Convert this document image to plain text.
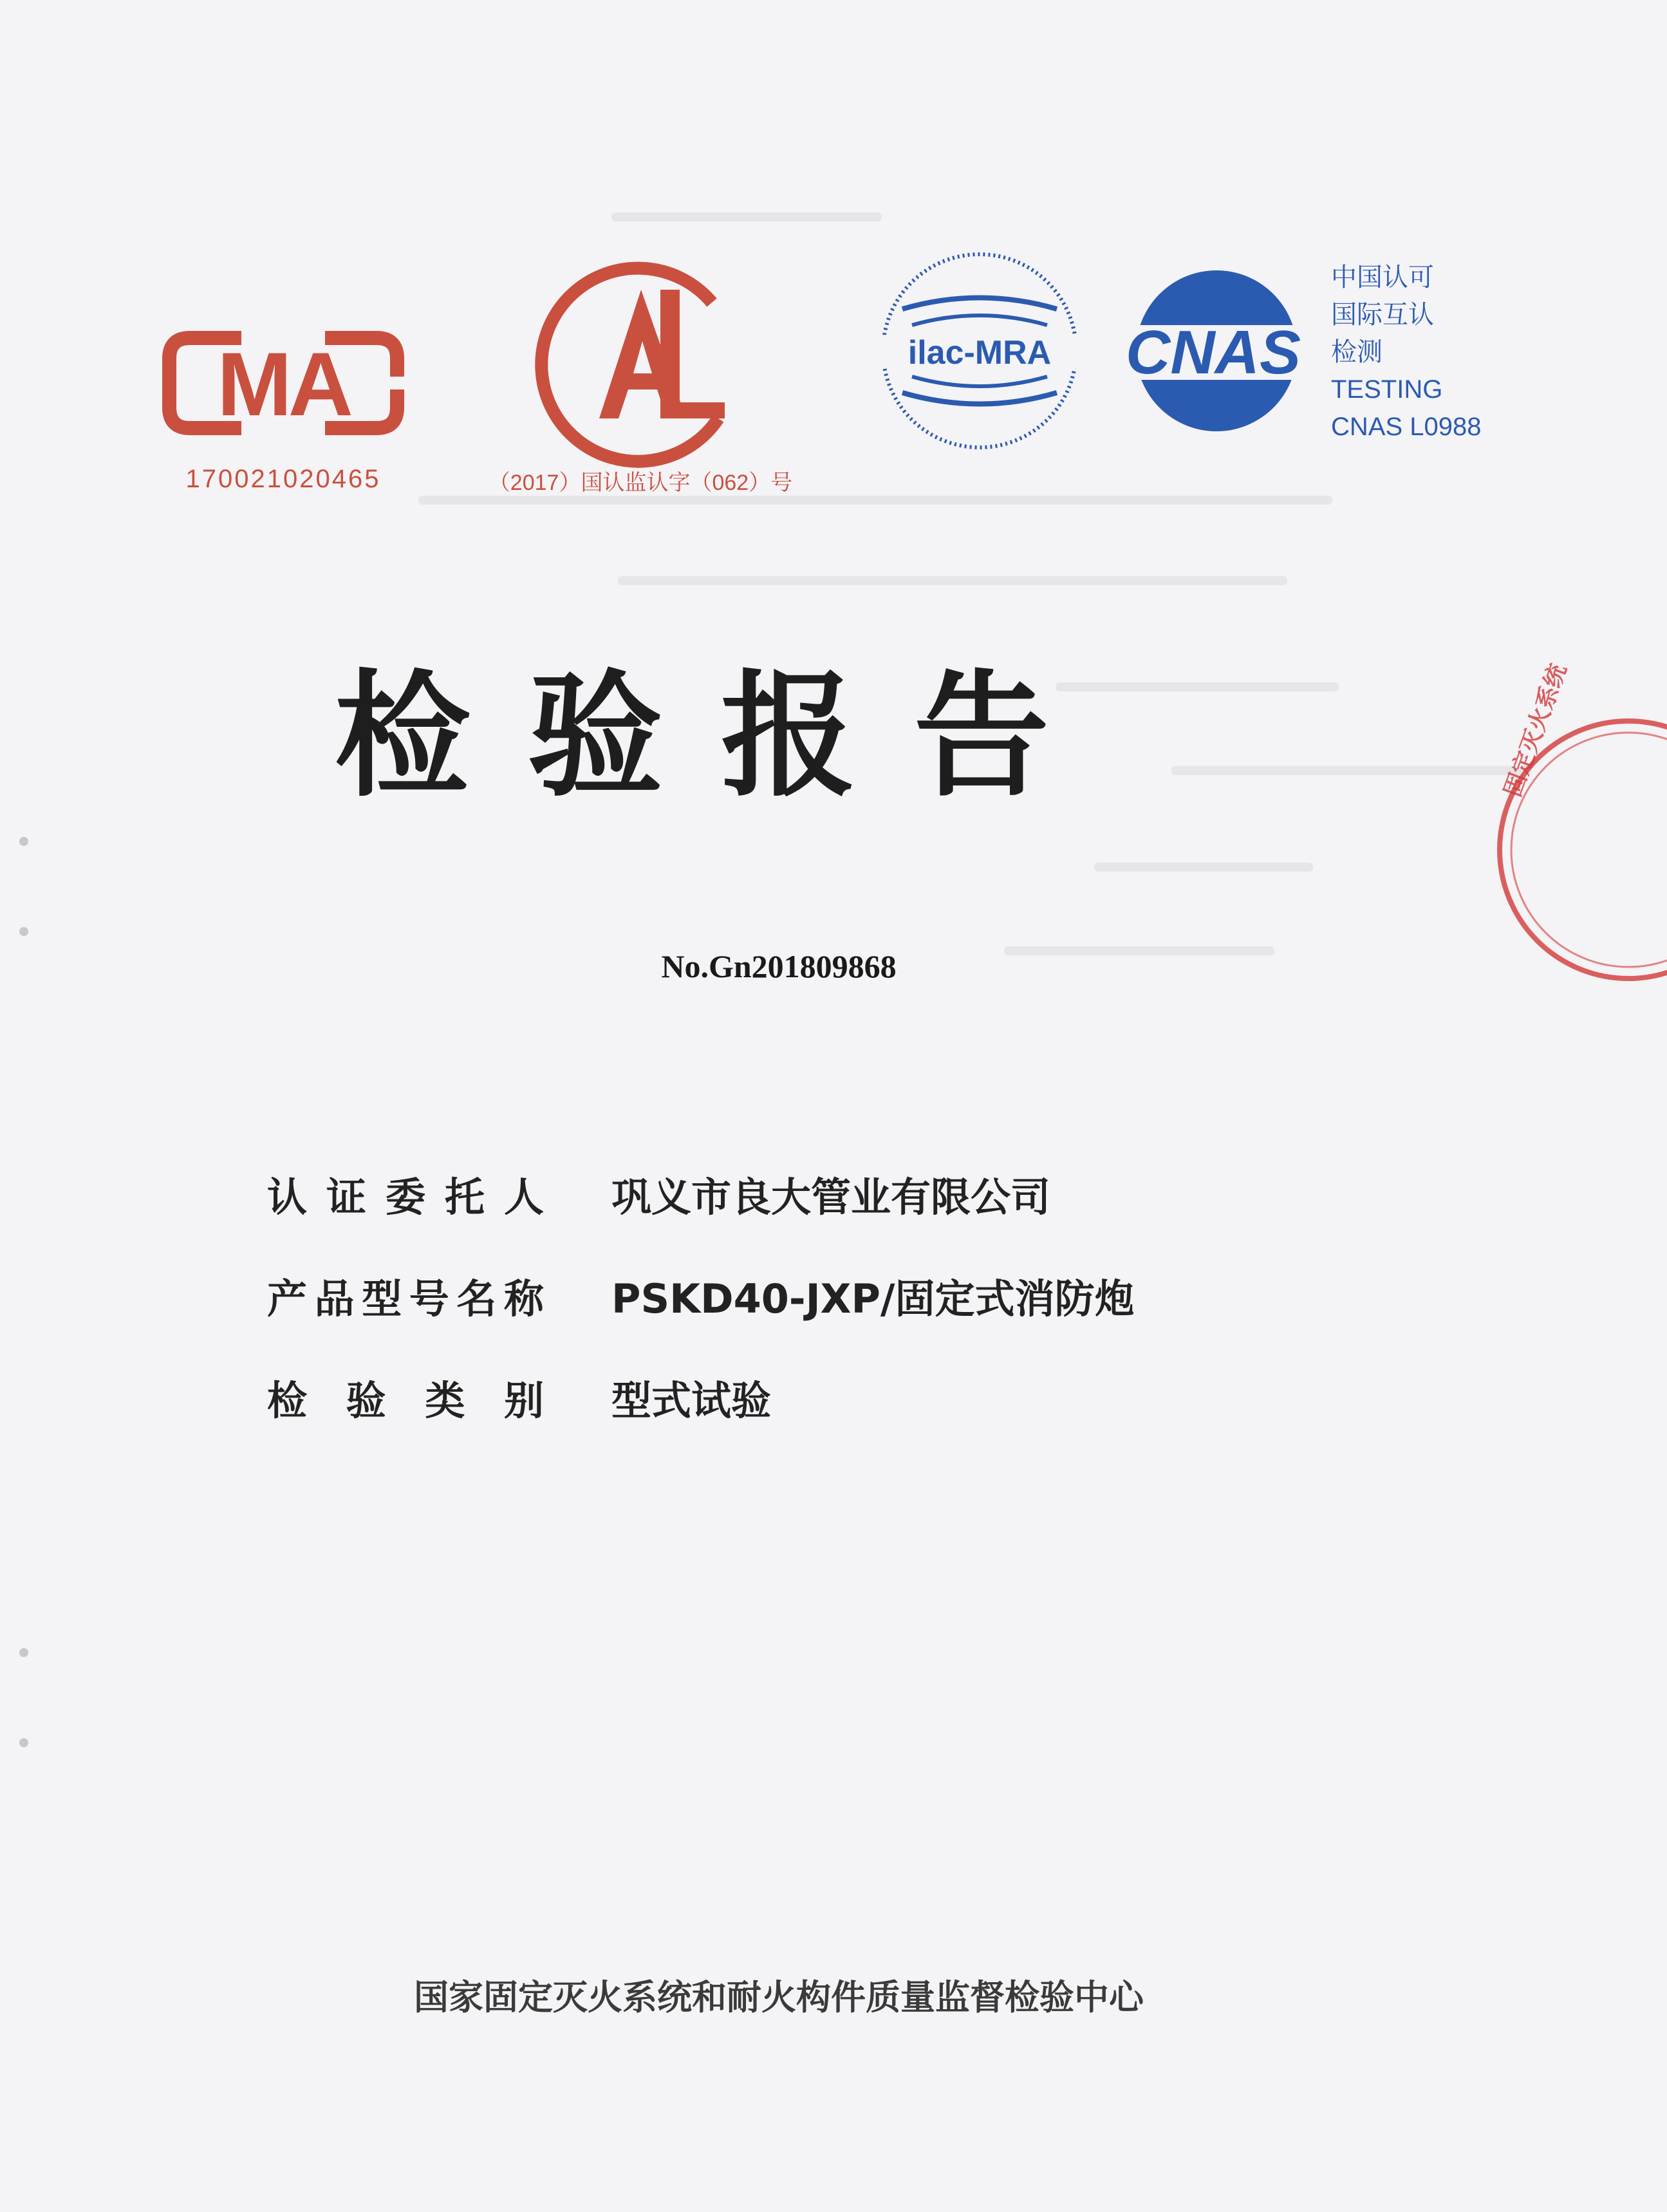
MA
170021020465	（2017）国认监认字（062）号
ilac-MRA CNAS
中国认可
国际互认
检测
TESTING
CNAS L0988
检验报告
No.Gn201809868
认 证 委 托 人 巩义市良大管业有限公司
产 品 型 号 名 称 PSKD40-JXP/固定式消防炮
检 验 类 别 型式试验
国家固定灭火系统和耐火构件质量监督检验中心
固定灭火系统
